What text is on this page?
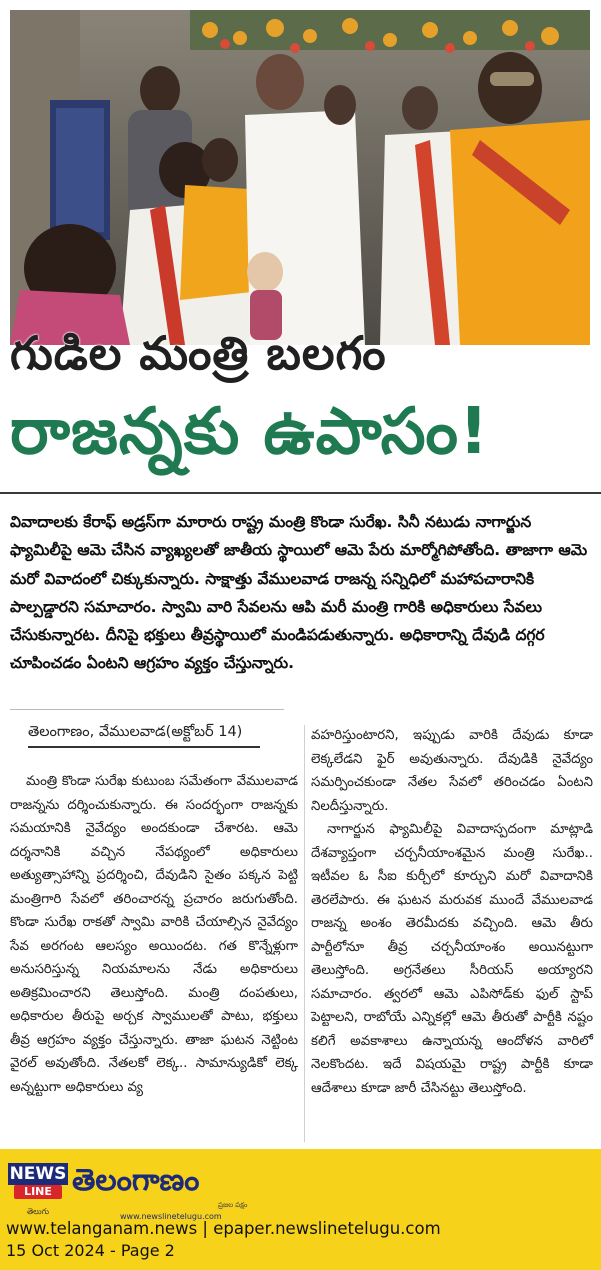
గుడిల మంత్రి బలగం
రాజన్నకు ఉపాసం!
వివాదాలకు కేరాఫ్ అడ్రస్‌గా మారారు రాష్ట్ర మంత్రి కొండా సురేఖ. సినీ నటుడు నాగార్జున ఫ్యామిలీపై ఆమె చేసిన వ్యాఖ్యలతో జాతీయ స్థాయిలో ఆమె పేరు మార్మోగిపోతోంది. తాజాగా ఆమె మరో వివాదంలో చిక్కుకున్నారు. సాక్షాత్తు వేములవాడ రాజన్న సన్నిధిలో మహాపచారానికి పాల్పడ్డారని సమాచారం. స్వామి వారి సేవలను ఆపి మరీ మంత్రి గారికి అధికారులు సేవలు చేసుకున్నారట. దీనిపై భక్తులు తీవ్రస్థాయిలో మండిపడుతున్నారు. అధికారాన్ని దేవుడి దగ్గర చూపించడం ఏంటని ఆగ్రహం వ్యక్తం చేస్తున్నారు.
తెలంగాణం, వేములవాడ(అక్టోబర్ 14)

మంత్రి కొండా సురేఖ కుటుంబ సమేతంగా వేములవాడ రాజన్నను దర్శించుకున్నారు. ఈ సందర్భంగా రాజన్నకు సమయానికి నైవేద్యం అందకుండా చేశారట. ఆమె దర్శనానికి వచ్చిన నేపథ్యంలో అధికారులు అత్యుత్సాహాన్ని ప్రదర్శించి, దేవుడిని సైతం పక్కన పెట్టి మంత్రిగారి సేవలో తరించారన్న ప్రచారం జరుగుతోంది. కొండా సురేఖ రాకతో స్వామి వారికి చేయాల్సిన నైవేద్యం సేవ అరగంట ఆలస్యం అయిందట. గత కొన్నేళ్లుగా అనుసరిస్తున్న నియమాలను నేడు అధికారులు అతిక్రమించారని తెలుస్తోంది. మంత్రి దంపతులు, అధికారుల తీరుపై అర్చక స్వాములతో పాటు, భక్తులు తీవ్ర ఆగ్రహం వ్యక్తం చేస్తున్నారు. తాజా ఘటన నెట్టింట వైరల్ అవుతోంది. నేతలకో లెక్క.. సామాన్యుడికో లెక్క అన్నట్టుగా అధికారులు వ్య

వహరిస్తుంటారని, ఇప్పుడు వారికి దేవుడు కూడా లెక్కలేడని ఫైర్ అవుతున్నారు. దేవుడికి నైవేద్యం సమర్పించకుండా నేతల సేవలో తరించడం ఏంటని నిలదీస్తున్నారు.

నాగార్జున ఫ్యామిలీపై వివాదాస్పదంగా మాట్లాడి దేశవ్యాప్తంగా చర్చనీయాంశమైన మంత్రి సురేఖ.. ఇటీవల ఓ సీఐ కుర్చీలో కూర్చుని మరో వివాదానికి తెరలేపారు. ఈ ఘటన మరువక ముందే వేములవాడ రాజన్న అంశం తెరమీదకు వచ్చింది. ఆమె తీరు పార్టీలోనూ తీవ్ర చర్చనీయాంశం అయినట్టుగా తెలుస్తోంది. అగ్రనేతలు సీరియస్ అయ్యారని సమాచారం. త్వరలో ఆమె ఎపిసోడ్‌కు ఫుల్ స్టాప్ పెట్టాలని, రాబోయే ఎన్నికల్లో ఆమె తీరుతో పార్టీకి నష్టం కలిగే అవకాశాలు ఉన్నాయన్న ఆందోళన వారిలో నెలకొందట. ఇదే విషయమై రాష్ట్ర పార్టీకి కూడా ఆదేశాలు కూడా జారీ చేసినట్టు తెలుస్తోంది.

NEWS
LINE
తెలుగు
తెలంగాణం
ప్రజల పక్షం
www.newslinetelugu.com
www.telanganam.news | epaper.newslinetelugu.com
15 Oct 2024 - Page 2
